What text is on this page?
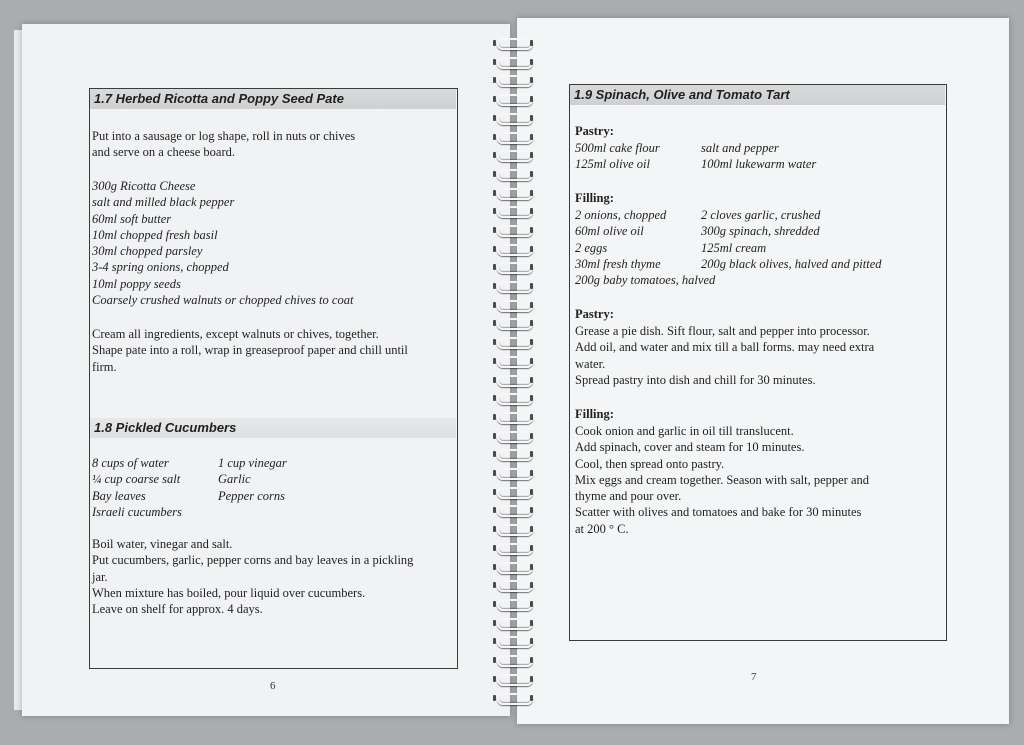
1.7 Herbed Ricotta and Poppy Seed Pate
Put into a sausage or log shape, roll in nuts or chives
and serve on a cheese board.
300g Ricotta Cheese
salt and milled black pepper
60ml soft butter
10ml chopped fresh basil
30ml chopped parsley
3-4 spring onions, chopped
10ml poppy seeds
Coarsely crushed walnuts or chopped chives to coat
Cream all ingredients, except walnuts or chives, together.
Shape pate into a roll, wrap in greaseproof paper and chill until
firm.
1.8 Pickled Cucumbers
8 cups of water	1 cup vinegar
¼ cup coarse salt	Garlic
Bay leaves	Pepper corns
Israeli cucumbers
Boil water, vinegar and salt.
Put cucumbers, garlic, pepper corns and bay leaves in a pickling
jar.
When mixture has boiled, pour liquid over cucumbers.
Leave on shelf for approx. 4 days.
6
1.9 Spinach, Olive and Tomato Tart
Pastry:
500ml cake flour	salt and pepper
125ml olive oil	100ml lukewarm water
Filling:
2 onions, chopped	2 cloves garlic, crushed
60ml olive oil	300g spinach, shredded
2 eggs	125ml cream
30ml fresh thyme	200g black olives, halved and pitted
200g baby tomatoes, halved
Pastry:
Grease a pie dish. Sift flour, salt and pepper into processor.
Add oil, and water and mix till a ball forms. may need extra
water.
Spread pastry into dish and chill for 30 minutes.
Filling:
Cook onion and garlic in oil till translucent.
Add spinach, cover and steam for 10 minutes.
Cool, then spread onto pastry.
Mix eggs and cream together. Season with salt, pepper and
thyme and pour over.
Scatter with olives and tomatoes and bake for 30 minutes
at 200 ° C.
7
